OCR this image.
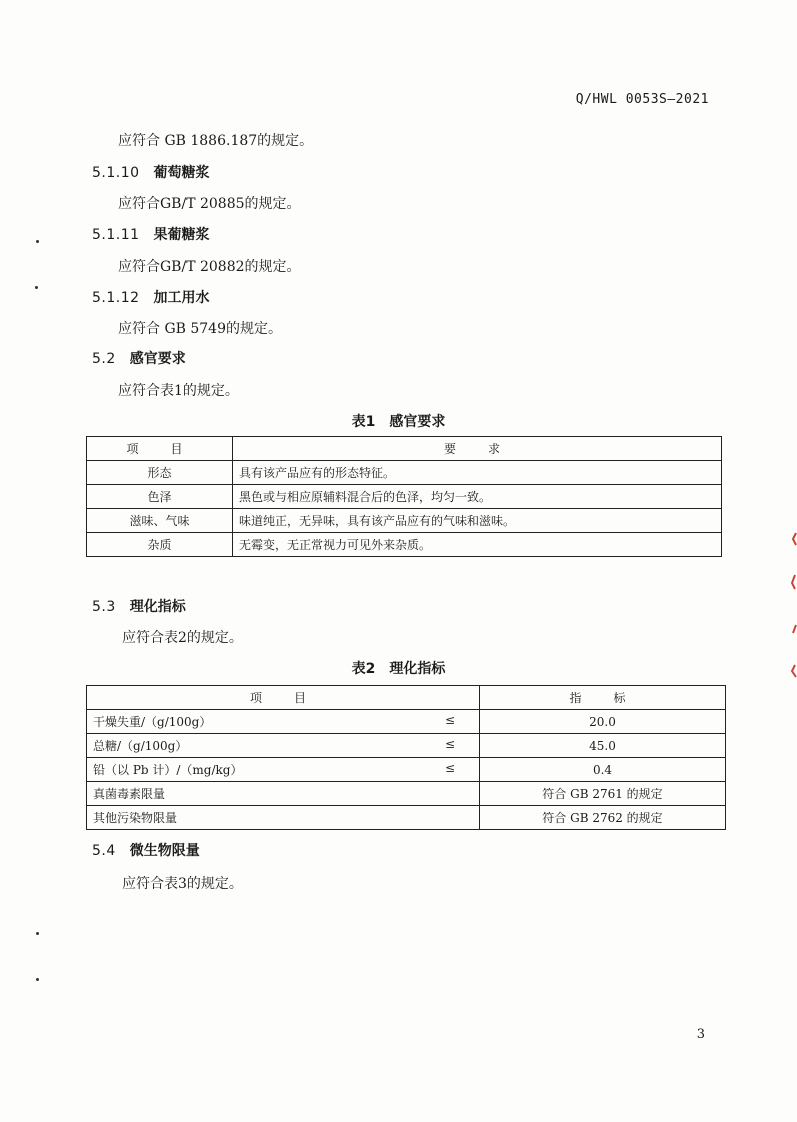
Q/HWL 0053S—2021
应符合 GB 1886.187的规定。
5.1.10 葡萄糖浆
应符合GB/T 20885的规定。
5.1.11 果葡糖浆
应符合GB/T 20882的规定。
5.1.12 加工用水
应符合 GB 5749的规定。
5.2 感官要求
应符合表1的规定。
表1　感官要求
项　目	要　求
形态	具有该产品应有的形态特征。
色泽	黑色或与相应原辅料混合后的色泽，均匀一致。
滋味、气味	味道纯正，无异味，具有该产品应有的气味和滋味。
杂质	无霉变，无正常视力可见外来杂质。
5.3 理化指标
应符合表2的规定。
表2　理化指标
项　目	指　标
干燥失重/（g/100g） ≤	20.0
总糖/（g/100g） ≤	45.0
铅（以 Pb 计）/（mg/kg） ≤	0.4
真菌毒素限量	符合 GB 2761 的规定
其他污染物限量	符合 GB 2762 的规定
5.4 微生物限量
应符合表3的规定。
3
